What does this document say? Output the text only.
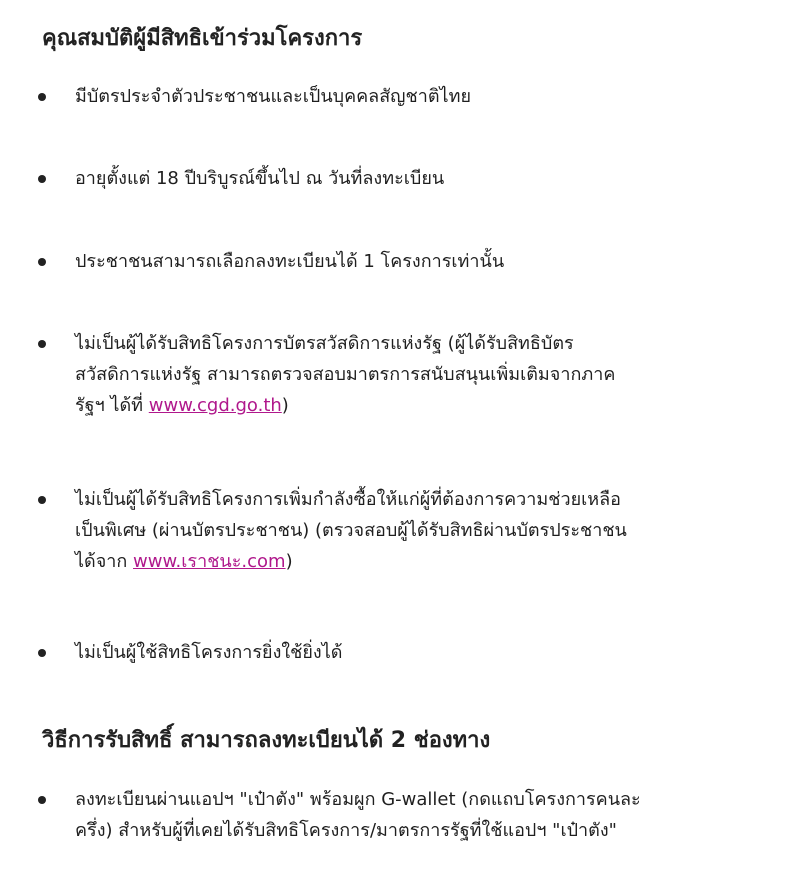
คุณสมบัติผู้มีสิทธิเข้าร่วมโครงการ
มีบัตรประจำตัวประชาชนและเป็นบุคคลสัญชาติไทย
อายุตั้งแต่ 18 ปีบริบูรณ์ขึ้นไป ณ วันที่ลงทะเบียน
ประชาชนสามารถเลือกลงทะเบียนได้ 1 โครงการเท่านั้น
ไม่เป็นผู้ได้รับสิทธิโครงการบัตรสวัสดิการแห่งรัฐ (ผู้ได้รับสิทธิบัตร
สวัสดิการแห่งรัฐ สามารถตรวจสอบมาตรการสนับสนุนเพิ่มเติมจากภาค
รัฐฯ ได้ที่ www.cgd.go.th)
ไม่เป็นผู้ได้รับสิทธิโครงการเพิ่มกำลังซื้อให้แก่ผู้ที่ต้องการความช่วยเหลือ
เป็นพิเศษ (ผ่านบัตรประชาชน) (ตรวจสอบผู้ได้รับสิทธิผ่านบัตรประชาชน
ได้จาก www.เราชนะ.com)
ไม่เป็นผู้ใช้สิทธิโครงการยิ่งใช้ยิ่งได้
วิธีการรับสิทธิ์ สามารถลงทะเบียนได้ 2 ช่องทาง
ลงทะเบียนผ่านแอปฯ "เป๋าตัง" พร้อมผูก G-wallet (กดแถบโครงการคนละ
ครึ่ง) สำหรับผู้ที่เคยได้รับสิทธิโครงการ/มาตรการรัฐที่ใช้แอปฯ "เป๋าตัง"
